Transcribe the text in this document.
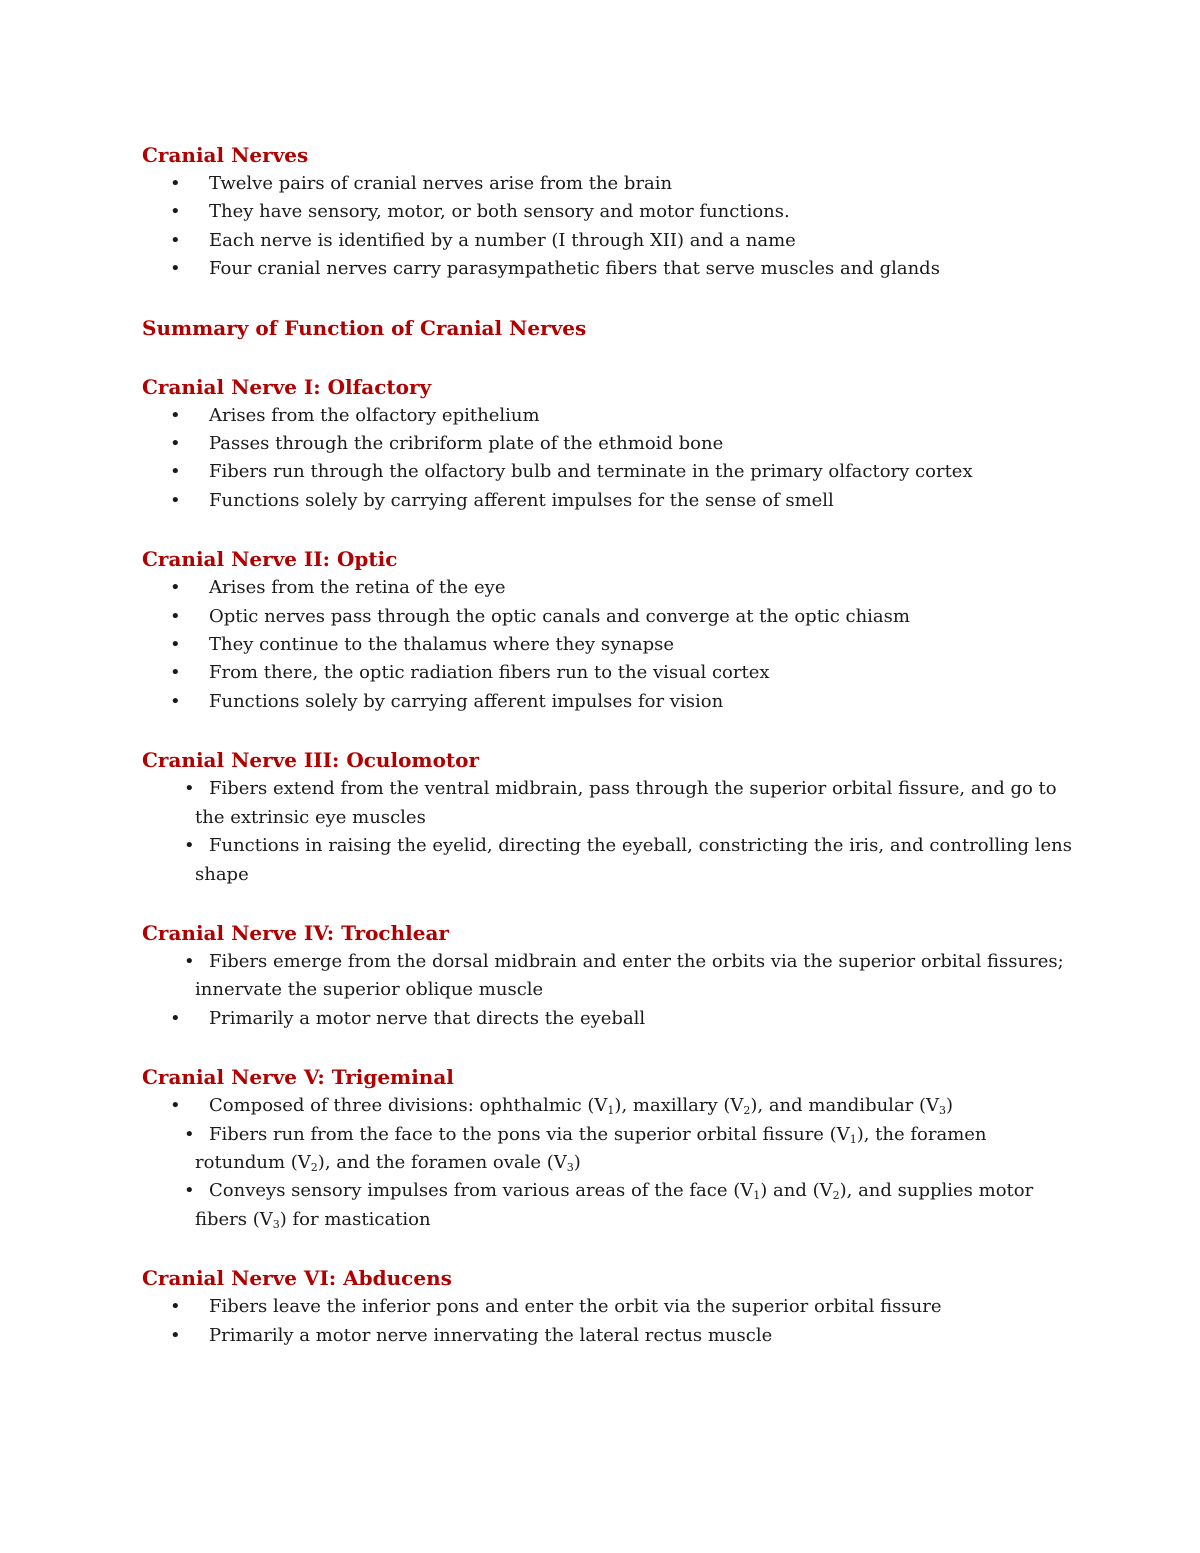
Cranial Nerves
• Twelve pairs of cranial nerves arise from the brain
• They have sensory, motor, or both sensory and motor functions.
• Each nerve is identified by a number (I through XII) and a name
• Four cranial nerves carry parasympathetic fibers that serve muscles and glands
Summary of Function of Cranial Nerves
Cranial Nerve I: Olfactory
• Arises from the olfactory epithelium
• Passes through the cribriform plate of the ethmoid bone
• Fibers run through the olfactory bulb and terminate in the primary olfactory cortex
• Functions solely by carrying afferent impulses for the sense of smell
Cranial Nerve II: Optic
• Arises from the retina of the eye
• Optic nerves pass through the optic canals and converge at the optic chiasm
• They continue to the thalamus where they synapse
• From there, the optic radiation fibers run to the visual cortex
• Functions solely by carrying afferent impulses for vision
Cranial Nerve III: Oculomotor
• Fibers extend from the ventral midbrain, pass through the superior orbital fissure, and go to the extrinsic eye muscles
• Functions in raising the eyelid, directing the eyeball, constricting the iris, and controlling lens shape
Cranial Nerve IV: Trochlear
• Fibers emerge from the dorsal midbrain and enter the orbits via the superior orbital fissures; innervate the superior oblique muscle
• Primarily a motor nerve that directs the eyeball
Cranial Nerve V: Trigeminal
• Composed of three divisions: ophthalmic $(V_1)$, maxillary $(V_2)$, and mandibular $(V_3)$
• Fibers run from the face to the pons via the superior orbital fissure $(V_1)$, the foramen rotundum $(V_2)$, and the foramen ovale $(V_3)$
• Conveys sensory impulses from various areas of the face $(V_1)$ and $(V_2)$, and supplies motor fibers $(V_3)$ for mastication
Cranial Nerve VI: Abducens
• Fibers leave the inferior pons and enter the orbit via the superior orbital fissure
• Primarily a motor nerve innervating the lateral rectus muscle
